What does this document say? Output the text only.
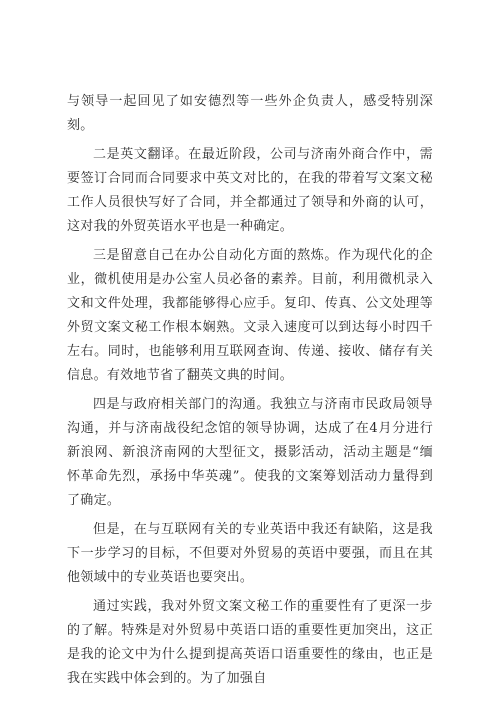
与领导一起回见了如安德烈等一些外企负责人，感受特别深刻。

二是英文翻译。在最近阶段，公司与济南外商合作中，需要签订合同而合同要求中英文对比的，在我的带着写文案文秘工作人员很快写好了合同，并全都通过了领导和外商的认可，这对我的外贸英语水平也是一种确定。

三是留意自己在办公自动化方面的熬炼。作为现代化的企业，微机使用是办公室人员必备的素养。目前，利用微机录入文和文件处理，我都能够得心应手。复印、传真、公文处理等外贸文案文秘工作根本娴熟。文录入速度可以到达每小时四千左右。同时，也能够利用互联网查询、传递、接收、储存有关信息。有效地节省了翻英文典的时间。

四是与政府相关部门的沟通。我独立与济南市民政局领导沟通，并与济南战役纪念馆的领导协调，达成了在4月分进行新浪网、新浪济南网的大型征文，摄影活动，活动主题是“缅怀革命先烈，承扬中华英魂”。使我的文案筹划活动力量得到了确定。

但是，在与互联网有关的专业英语中我还有缺陷，这是我下一步学习的目标，不但要对外贸易的英语中要强，而且在其他领域中的专业英语也要突出。

通过实践，我对外贸文案文秘工作的重要性有了更深一步的了解。特殊是对外贸易中英语口语的重要性更加突出，这正是我的论文中为什么提到提高英语口语重要性的缘由，也正是我在实践中体会到的。为了加强自
